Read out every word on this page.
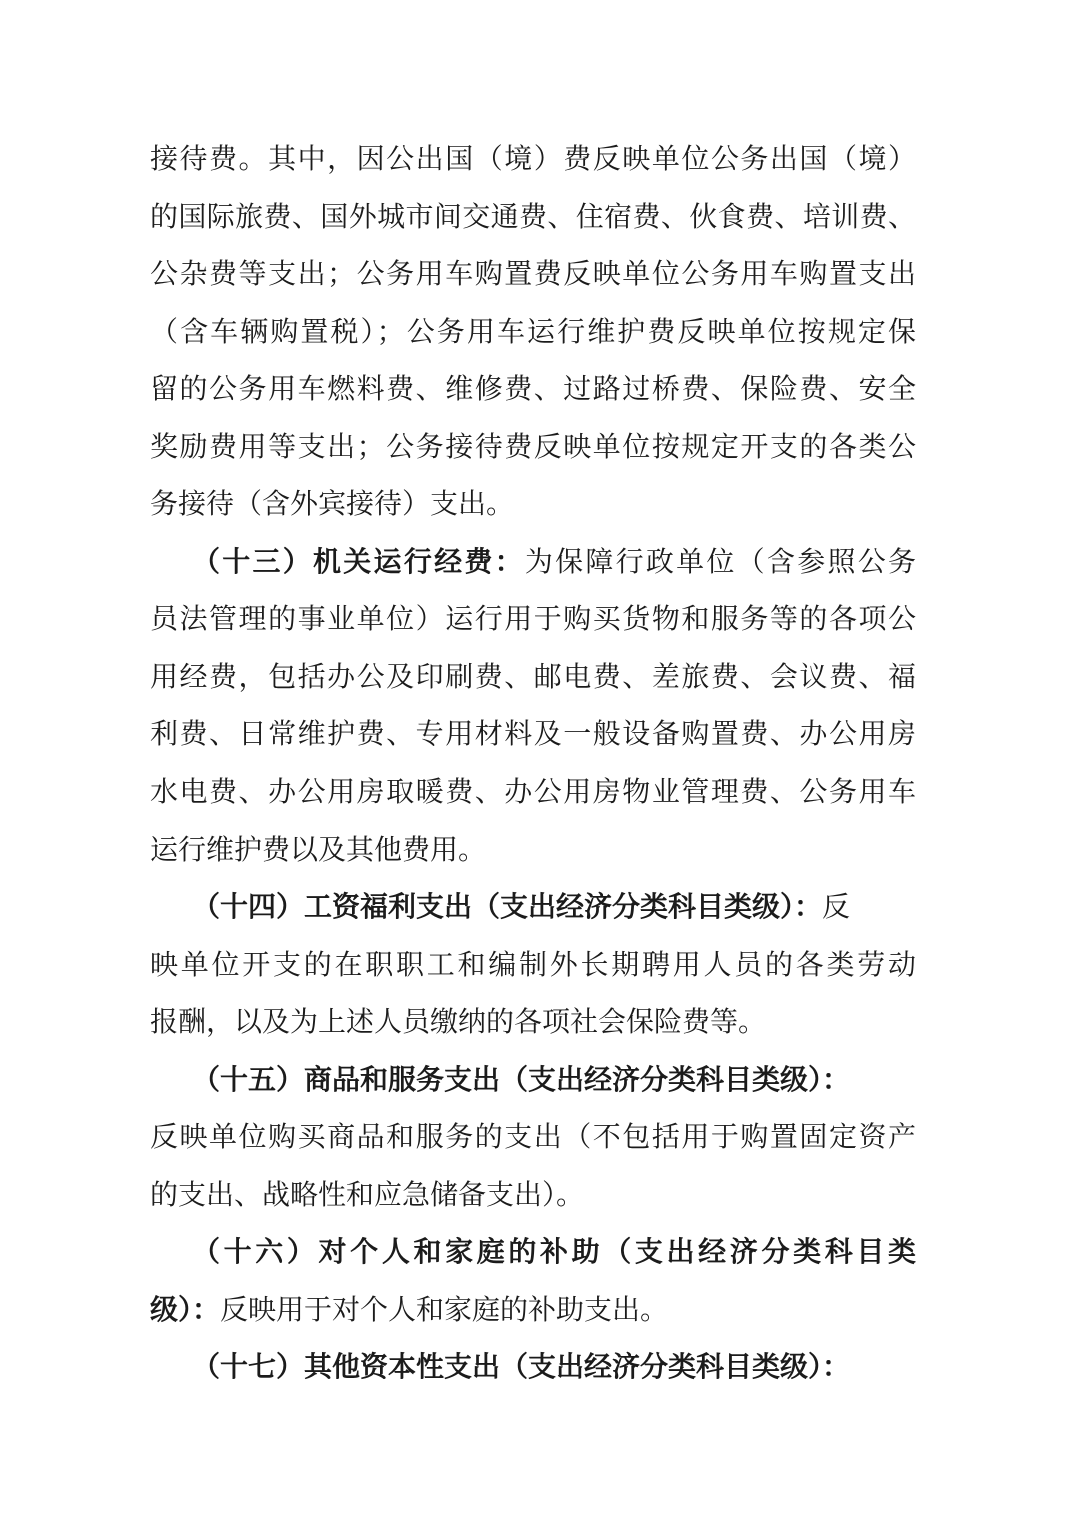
接待费。其中，因公出国（境）费反映单位公务出国（境）
的国际旅费、国外城市间交通费、住宿费、伙食费、培训费、
公杂费等支出；公务用车购置费反映单位公务用车购置支出
（含车辆购置税）；公务用车运行维护费反映单位按规定保
留的公务用车燃料费、维修费、过路过桥费、保险费、安全
奖励费用等支出；公务接待费反映单位按规定开支的各类公
务接待（含外宾接待）支出。
（十三）机关运行经费：为保障行政单位（含参照公务
员法管理的事业单位）运行用于购买货物和服务等的各项公
用经费，包括办公及印刷费、邮电费、差旅费、会议费、福
利费、日常维护费、专用材料及一般设备购置费、办公用房
水电费、办公用房取暖费、办公用房物业管理费、公务用车
运行维护费以及其他费用。
（十四）工资福利支出（支出经济分类科目类级）：反
映单位开支的在职职工和编制外长期聘用人员的各类劳动
报酬，以及为上述人员缴纳的各项社会保险费等。
（十五）商品和服务支出（支出经济分类科目类级）：
反映单位购买商品和服务的支出（不包括用于购置固定资产
的支出、战略性和应急储备支出）。
（十六）对个人和家庭的补助（支出经济分类科目类
级）：反映用于对个人和家庭的补助支出。
（十七）其他资本性支出（支出经济分类科目类级）：
